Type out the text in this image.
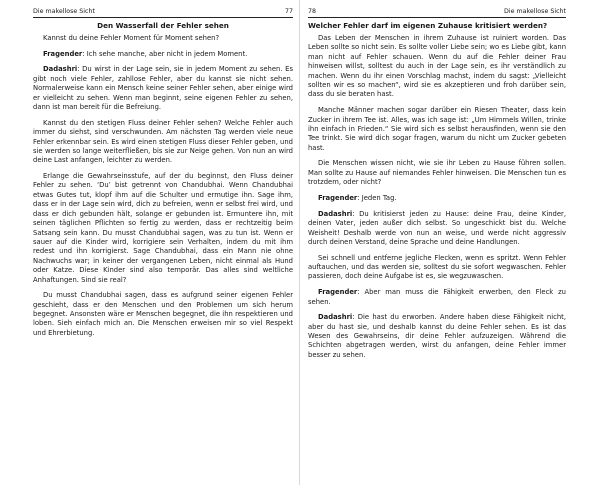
Die makellose Sicht	77
Den Wasserfall der Fehler sehen

Kannst du deine Fehler Moment für Moment sehen?

Fragender: Ich sehe manche, aber nicht in jedem Moment.

Dadashri: Du wirst in der Lage sein, sie in jedem Moment zu sehen. Es gibt noch viele Fehler, zahllose Fehler, aber du kannst sie nicht sehen. Normalerweise kann ein Mensch keine seiner Fehler sehen, aber einige wird er vielleicht zu sehen. Wenn man beginnt, seine eigenen Fehler zu sehen, dann ist man bereit für die Befreiung.

Kannst du den stetigen Fluss deiner Fehler sehen? Welche Fehler auch immer du siehst, sind verschwunden. Am nächsten Tag werden viele neue Fehler erkennbar sein. Es wird einen stetigen Fluss dieser Fehler geben, und sie werden so lange weiterfließen, bis sie zur Neige gehen. Von nun an wird deine Last anfangen, leichter zu werden.

Erlange die Gewahrseinsstufe, auf der du beginnst, den Fluss deiner Fehler zu sehen. ‘Du’ bist getrennt von Chandubhai. Wenn Chandubhai etwas Gutes tut, klopf ihm auf die Schulter und ermutige ihn. Sage ihm, dass er in der Lage sein wird, dich zu befreien, wenn er selbst frei wird, und dass er dich gebunden hält, solange er gebunden ist. Ermuntere ihn, mit seinen täglichen Pflichten so fertig zu werden, dass er rechtzeitig beim Satsang sein kann. Du musst Chandubhai sagen, was zu tun ist. Wenn er sauer auf die Kinder wird, korrigiere sein Verhalten, indem du mit ihm redest und ihn korrigierst. Sage Chandubhai, dass ein Mann nie ohne Nachwuchs war; in keiner der vergangenen Leben, nicht einmal als Hund oder Katze. Diese Kinder sind also temporär. Das alles sind weltliche Anhaftungen. Sind sie real?

Du musst Chandubhai sagen, dass es aufgrund seiner eigenen Fehler geschieht, dass er den Menschen und den Problemen um sich herum begegnet. Ansonsten wäre er Menschen begegnet, die ihn respektieren und loben. Sieh einfach mich an. Die Menschen erweisen mir so viel Respekt und Ehrerbietung.

78	Die makellose Sicht
Welcher Fehler darf im eigenen Zuhause kritisiert werden?

Das Leben der Menschen in ihrem Zuhause ist ruiniert worden. Das Leben sollte so nicht sein. Es sollte voller Liebe sein; wo es Liebe gibt, kann man nicht auf Fehler schauen. Wenn du auf die Fehler deiner Frau hinweisen willst, solltest du auch in der Lage sein, es ihr verständlich zu machen. Wenn du ihr einen Vorschlag machst, indem du sagst: „Vielleicht sollten wir es so machen“, wird sie es akzeptieren und froh darüber sein, dass du sie beraten hast.

Manche Männer machen sogar darüber ein Riesen Theater, dass kein Zucker in ihrem Tee ist. Alles, was ich sage ist: „Um Himmels Willen, trinke ihn einfach in Frieden.“ Sie wird sich es selbst herausfinden, wenn sie den Tee trinkt. Sie wird dich sogar fragen, warum du nicht um Zucker gebeten hast.

Die Menschen wissen nicht, wie sie ihr Leben zu Hause führen sollen. Man sollte zu Hause auf niemandes Fehler hinweisen. Die Menschen tun es trotzdem, oder nicht?

Fragender: Jeden Tag.

Dadashri: Du kritisierst jeden zu Hause: deine Frau, deine Kinder, deinen Vater, jeden außer dich selbst. So ungeschickt bist du. Welche Weisheit! Deshalb werde von nun an weise, und werde nicht aggressiv durch deinen Verstand, deine Sprache und deine Handlungen.

Sei schnell und entferne jegliche Flecken, wenn es spritzt. Wenn Fehler auftauchen, und das werden sie, solltest du sie sofort wegwaschen. Fehler passieren, doch deine Aufgabe ist es, sie wegzuwaschen.

Fragender: Aber man muss die Fähigkeit erwerben, den Fleck zu sehen.

Dadashri: Die hast du erworben. Andere haben diese Fähigkeit nicht, aber du hast sie, und deshalb kannst du deine Fehler sehen. Es ist das Wesen des Gewahrseins, dir deine Fehler aufzuzeigen. Während die Schichten abgetragen werden, wirst du anfangen, deine Fehler immer besser zu sehen.
